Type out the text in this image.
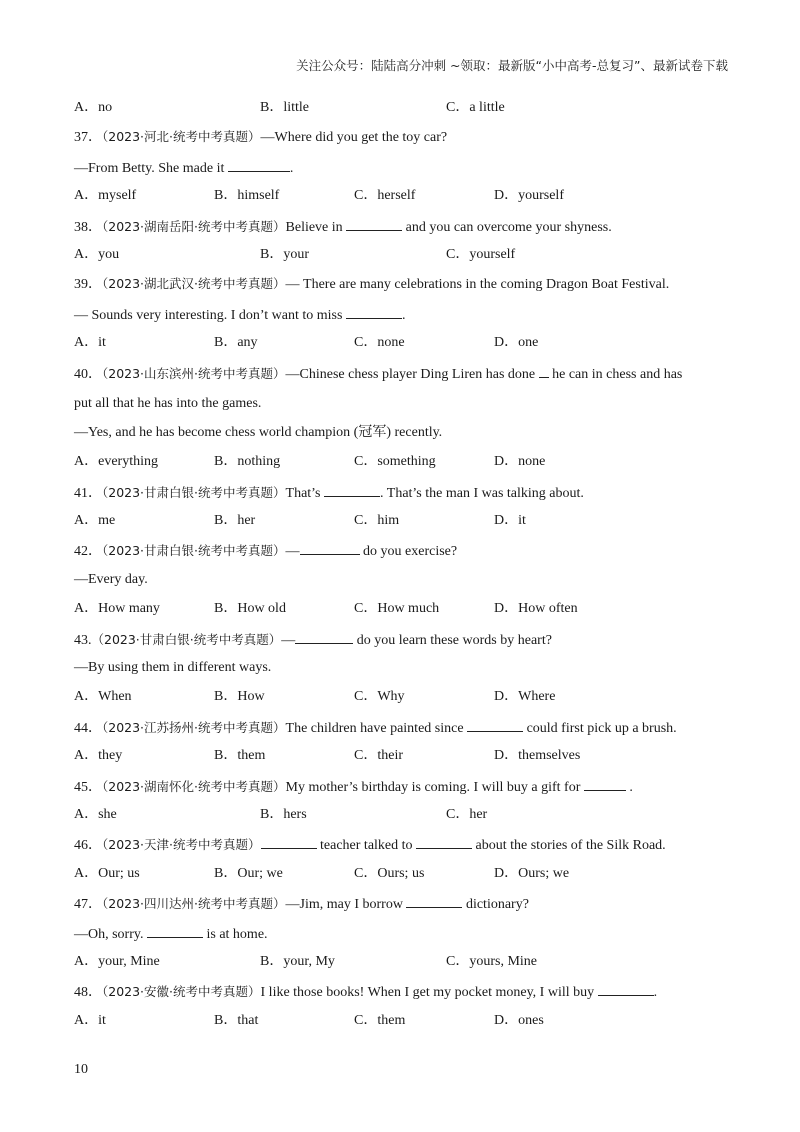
关注公众号：陆陆高分冲刺 ~领取：最新版“小中高考-总复习”、最新试卷下载
A．no	B．little	C．a little
37．（2023·河北·统考中考真题）—Where did you get the toy car?
—From Betty. She made it	.
A．myself	B．himself	C．herself	D．yourself
38．（2023·湖南岳阳·统考中考真题）Believe in	and you can overcome your shyness.
A．you	B．your	C．yourself
39．（2023·湖北武汉·统考中考真题）— There are many celebrations in the coming Dragon Boat Festival.
— Sounds very interesting. I don’t want to miss	.
A．it	B．any	C．none	D．one
40．（2023·山东滨州·统考中考真题）—Chinese chess player Ding Liren has done he can in chess and has
put all that he has into the games.
—Yes, and he has become chess world champion (冠军) recently.
A．everything	B．nothing	C．something	D．none
41．（2023·甘肃白银·统考中考真题）That’s	. That’s the man I was talking about.
A．me	B．her	C．him	D．it
42．（2023·甘肃白银·统考中考真题）—	do you exercise?
—Every day.
A．How many	B．How old	C．How much	D．How often
43.（2023·甘肃白银·统考中考真题）—	do you learn these words by heart?
—By using them in different ways.
A．When	B．How	C．Why	D．Where
44．（2023·江苏扬州·统考中考真题）The children have painted since	could first pick up a brush.
A．they	B．them	C．their	D．themselves
45．（2023·湖南怀化·统考中考真题）My mother’s birthday is coming. I will buy a gift for	.
A．she	B．hers	C．her
46．（2023·天津·统考中考真题）	teacher talked to	about the stories of the Silk Road.
A．Our; us	B．Our; we	C．Ours; us	D．Ours; we
47．（2023·四川达州·统考中考真题）—Jim, may I borrow	dictionary?
—Oh, sorry.	is at home.
A．your, Mine	B．your, My	C．yours, Mine
48．（2023·安徽·统考中考真题）I like those books! When I get my pocket money, I will buy	.
A．it	B．that	C．them	D．ones
10
